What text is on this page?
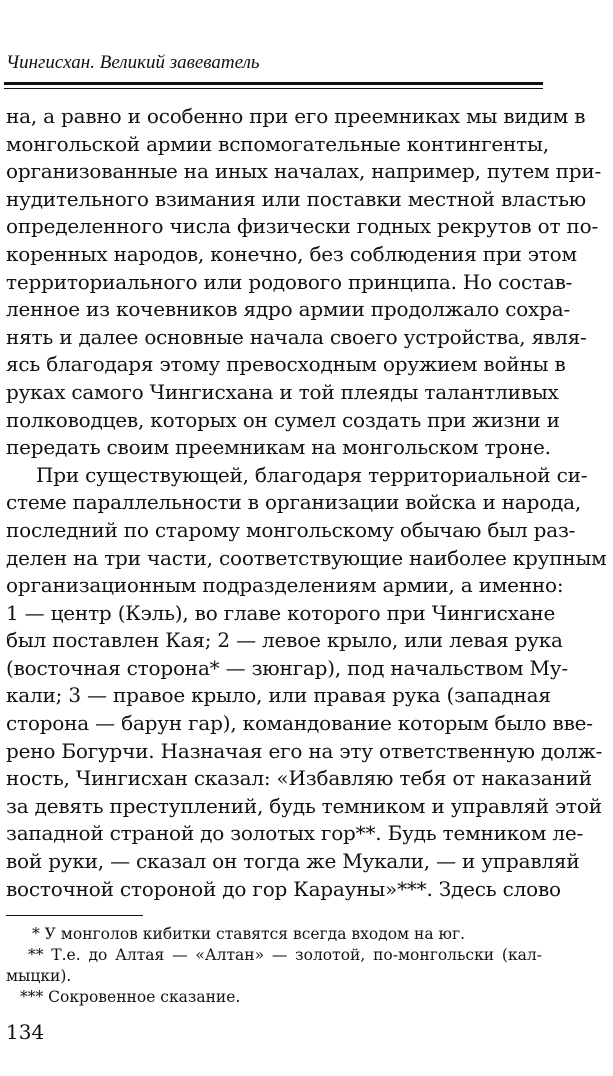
Чингисхан. Великий завеватель
на, а равно и особенно при его преемниках мы видим в
монгольской армии вспомогательные контингенты,
организованные на иных началах, например, путем при-
нудительного взимания или поставки местной властью
определенного числа физически годных рекрутов от по-
коренных народов, конечно, без соблюдения при этом
территориального или родового принципа. Но состав-
ленное из кочевников ядро армии продолжало сохра-
нять и далее основные начала своего устройства, явля-
ясь благодаря этому превосходным оружием войны в
руках самого Чингисхана и той плеяды талантливых
полководцев, которых он сумел создать при жизни и
передать своим преемникам на монгольском троне.
При существующей, благодаря территориальной си-
стеме параллельности в организации войска и народа,
последний по старому монгольскому обычаю был раз-
делен на три части, соответствующие наиболее крупным
организационным подразделениям армии, а именно:
1 — центр (Кэль), во главе которого при Чингисхане
был поставлен Кая; 2 — левое крыло, или левая рука
(восточная сторона* — зюнгар), под начальством Му-
кали; 3 — правое крыло, или правая рука (западная
сторона — барун гар), командование которым было вве-
рено Богурчи. Назначая его на эту ответственную долж-
ность, Чингисхан сказал: «Избавляю тебя от наказаний
за девять преступлений, будь темником и управляй этой
западной страной до золотых гор**. Будь темником ле-
вой руки, — сказал он тогда же Мукали, — и управляй
восточной стороной до гор Карауны»***. Здесь слово
* У монголов кибитки ставятся всегда входом на юг.
** Т.е. до Алтая — «Алтан» — золотой, по-монгольски (кал-
мыцки).
*** Сокровенное сказание.
134
